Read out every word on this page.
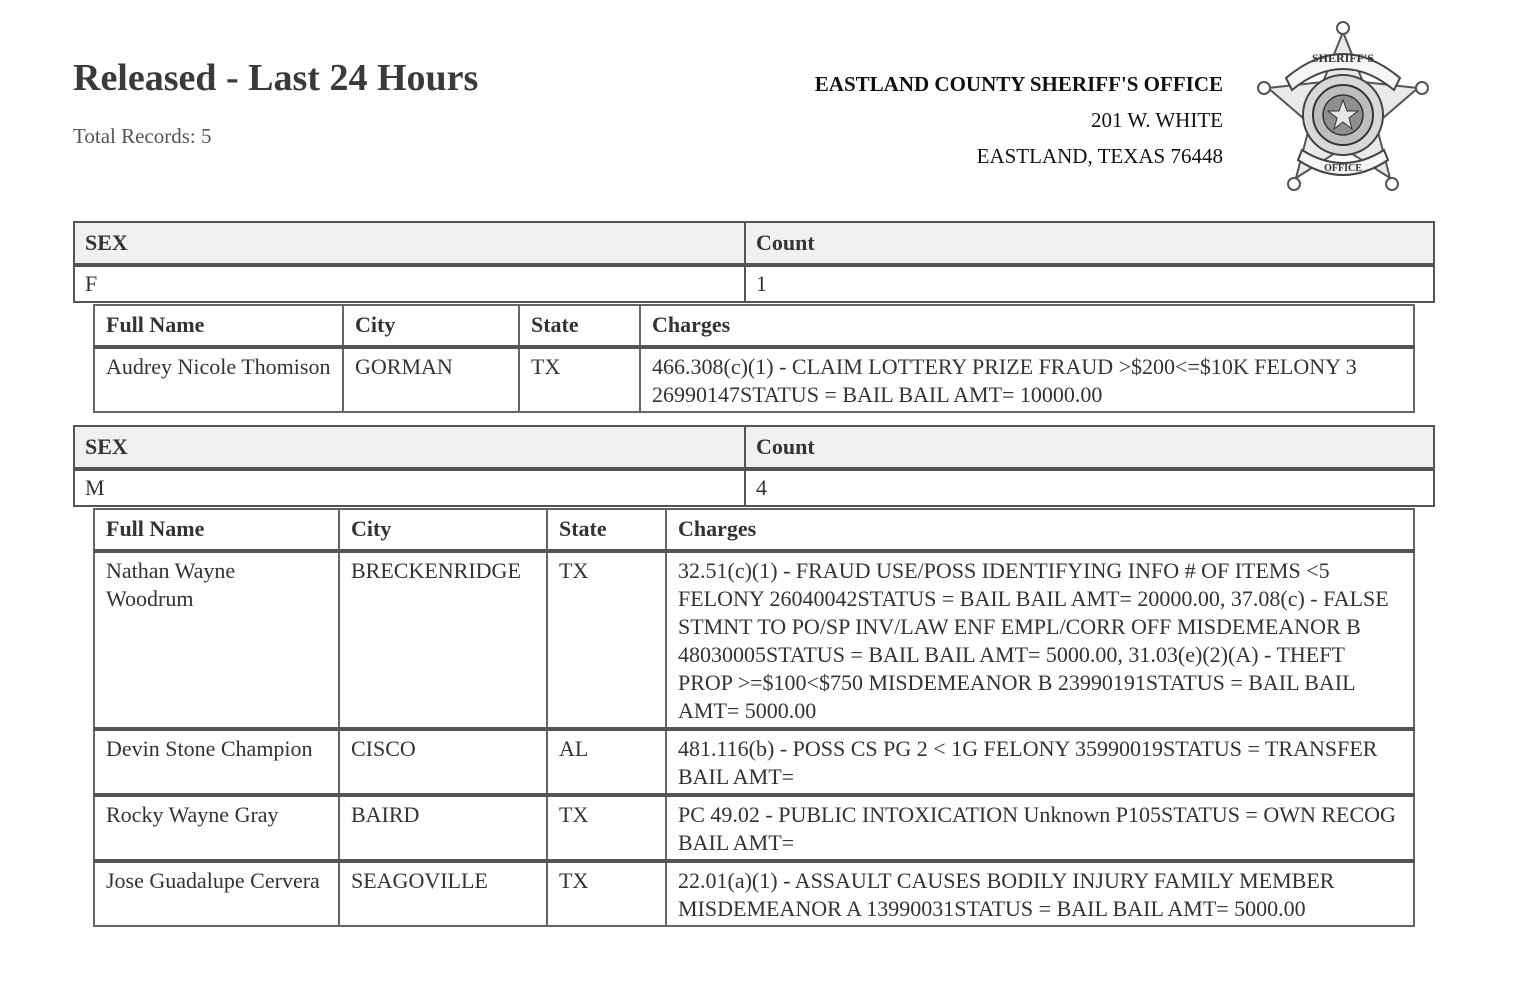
Released - Last 24 Hours
Total Records: 5
EASTLAND COUNTY SHERIFF'S OFFICE
201 W. WHITE
EASTLAND, TEXAS 76448
SHERIFF'S
OFFICE
SEX	Count
F	1
Full Name	City	State	Charges
Audrey Nicole Thomison	GORMAN	TX	466.308(c)(1) - CLAIM LOTTERY PRIZE FRAUD >$200<=$10K FELONY 3 26990147STATUS = BAIL BAIL AMT= 10000.00
SEX	Count
M	4
Full Name	City	State	Charges
Nathan Wayne Woodrum	BRECKENRIDGE	TX	32.51(c)(1) - FRAUD USE/POSS IDENTIFYING INFO # OF ITEMS <5 FELONY 26040042STATUS = BAIL BAIL AMT= 20000.00, 37.08(c) - FALSE STMNT TO PO/SP INV/LAW ENF EMPL/CORR OFF MISDEMEANOR B 48030005STATUS = BAIL BAIL AMT= 5000.00, 31.03(e)(2)(A) - THEFT PROP >=$100<$750 MISDEMEANOR B 23990191STATUS = BAIL BAIL AMT= 5000.00
Devin Stone Champion	CISCO	AL	481.116(b) - POSS CS PG 2 < 1G FELONY 35990019STATUS = TRANSFER BAIL AMT=
Rocky Wayne Gray	BAIRD	TX	PC 49.02 - PUBLIC INTOXICATION Unknown P105STATUS = OWN RECOG BAIL AMT=
Jose Guadalupe Cervera	SEAGOVILLE	TX	22.01(a)(1) - ASSAULT CAUSES BODILY INJURY FAMILY MEMBER MISDEMEANOR A 13990031STATUS = BAIL BAIL AMT= 5000.00
